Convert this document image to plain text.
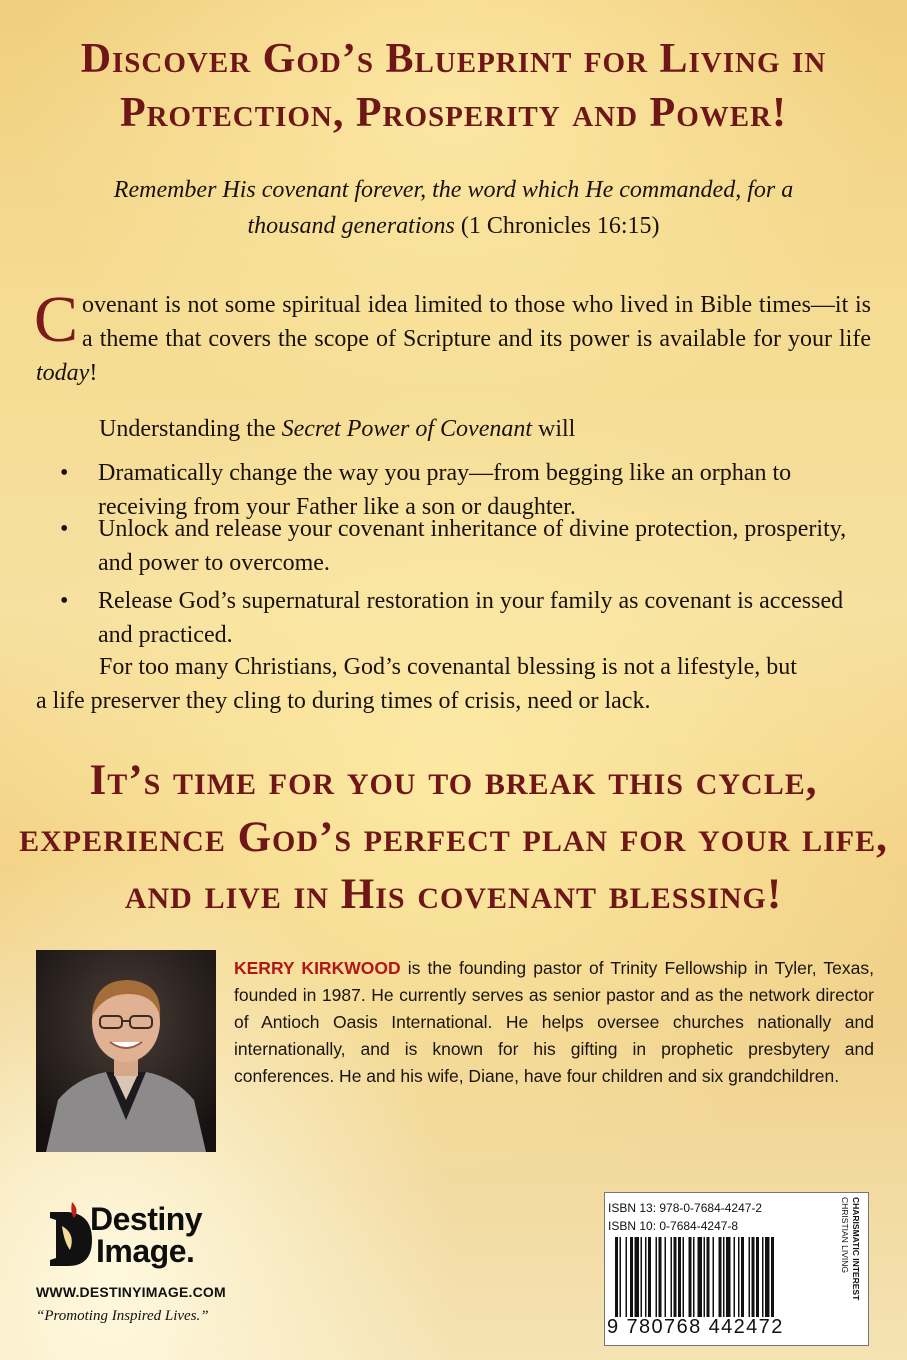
Discover God’s Blueprint for Living in
Protection, Prosperity and Power!
Remember His covenant forever, the word which He commanded, for a
thousand generations (1 Chronicles 16:15)

Covenant is not some spiritual idea limited to those who lived in Bible times—it is a theme that covers the scope of Scripture and its power is available for your life today!

Understanding the Secret Power of Covenant will

• Dramatically change the way you pray—from begging like an orphan to receiving from your Father like a son or daughter.
• Unlock and release your covenant inheritance of divine protection, prosperity, and power to overcome.
• Release God’s supernatural restoration in your family as covenant is accessed and practiced.

For too many Christians, God’s covenantal blessing is not a lifestyle, but
a life preserver they cling to during times of crisis, need or lack.

It’s time for you to break this cycle,
experience God’s perfect plan for your life,
and live in His covenant blessing!
KERRY KIRKWOOD is the founding pastor of Trinity Fellowship in Tyler, Texas, founded in 1987. He currently serves as senior pastor and as the network director of Antioch Oasis International. He helps oversee churches nationally and internationally, and is known for his gifting in prophetic presbytery and conferences. He and his wife, Diane, have four children and six grandchildren.
Destiny
Image.
WWW.DESTINYIMAGE.COM
“Promoting Inspired Lives.”
ISBN 13: 978-0-7684-4247-2
ISBN 10: 0-7684-4247-8
9 780768 442472
CHARISMATIC INTEREST
CHRISTIAN LIVING
